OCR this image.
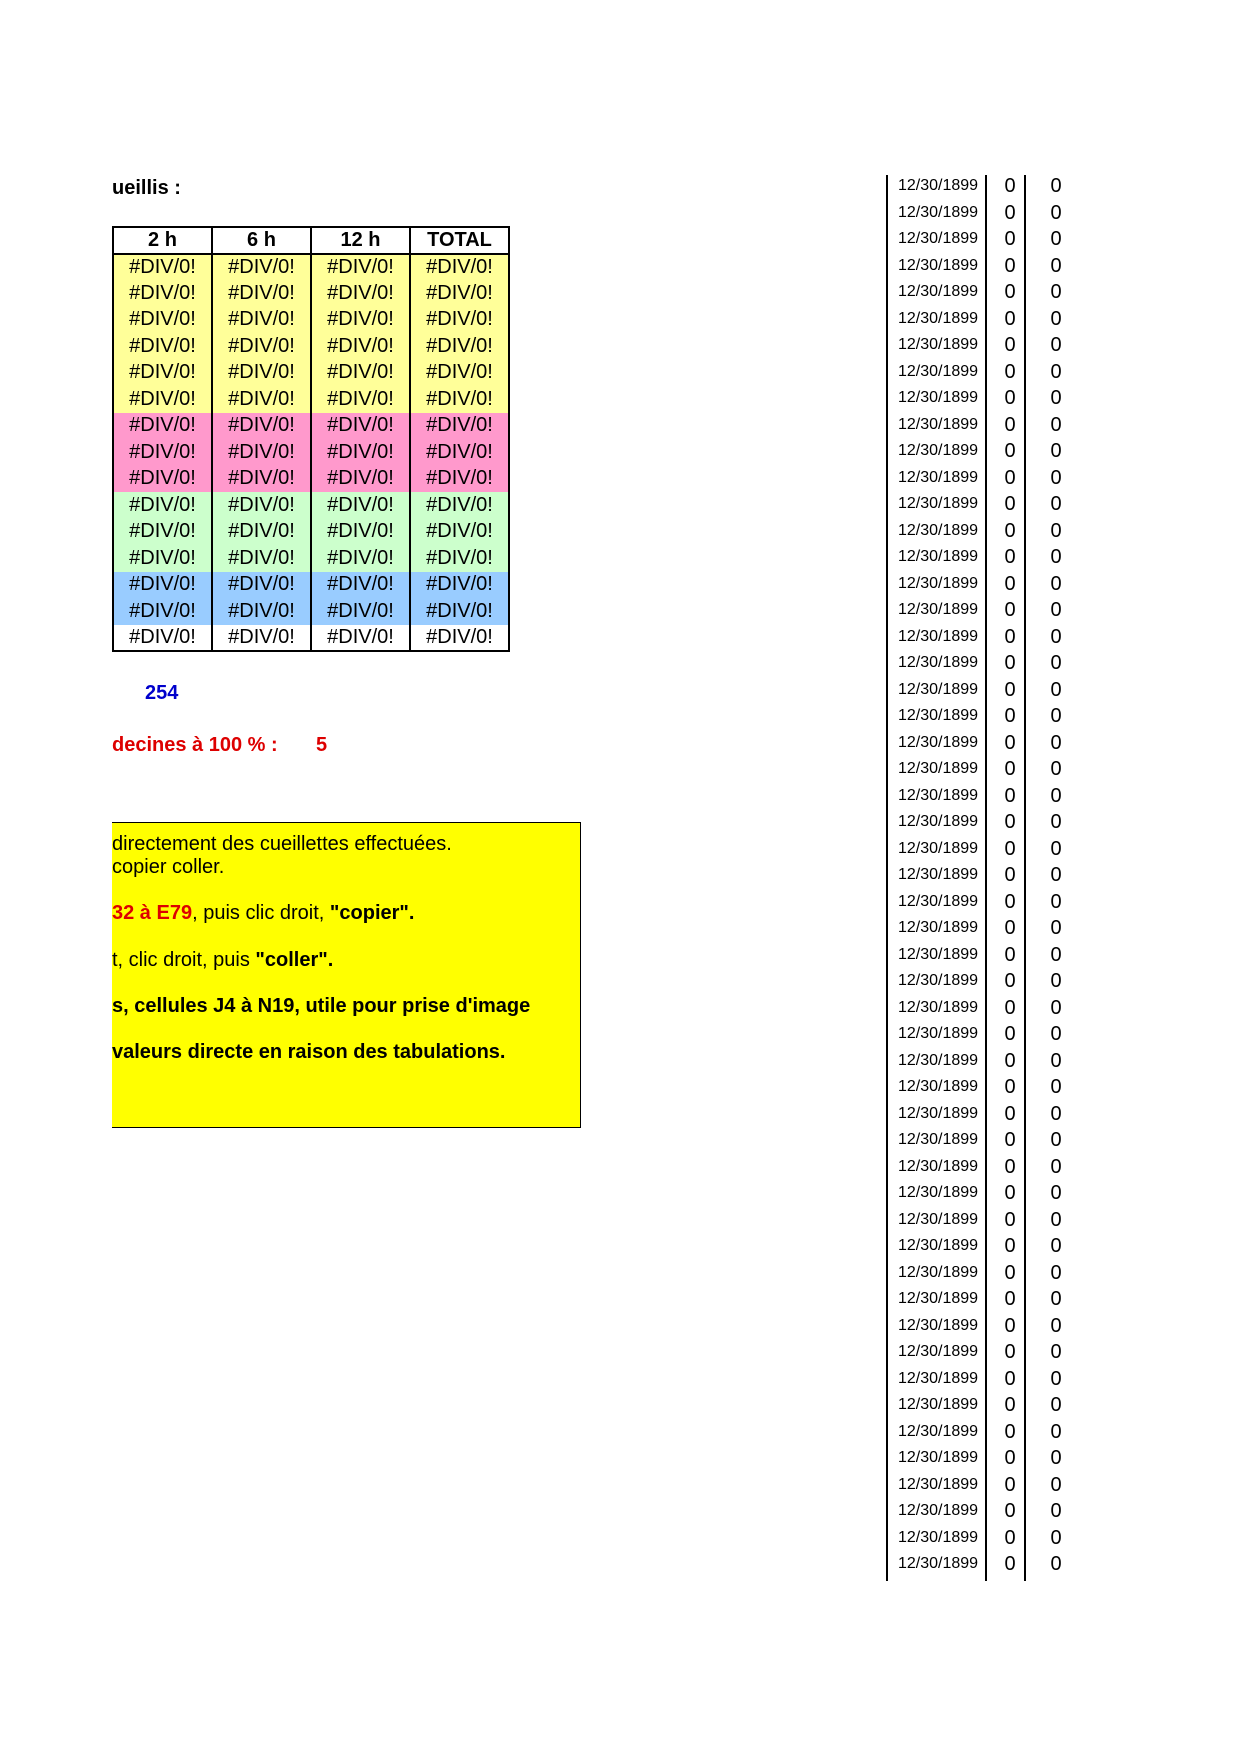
ueillis :
2 h	6 h	12 h	TOTAL
#DIV/0!	#DIV/0!	#DIV/0!	#DIV/0!
#DIV/0!	#DIV/0!	#DIV/0!	#DIV/0!
#DIV/0!	#DIV/0!	#DIV/0!	#DIV/0!
#DIV/0!	#DIV/0!	#DIV/0!	#DIV/0!
#DIV/0!	#DIV/0!	#DIV/0!	#DIV/0!
#DIV/0!	#DIV/0!	#DIV/0!	#DIV/0!
#DIV/0!	#DIV/0!	#DIV/0!	#DIV/0!
#DIV/0!	#DIV/0!	#DIV/0!	#DIV/0!
#DIV/0!	#DIV/0!	#DIV/0!	#DIV/0!
#DIV/0!	#DIV/0!	#DIV/0!	#DIV/0!
#DIV/0!	#DIV/0!	#DIV/0!	#DIV/0!
#DIV/0!	#DIV/0!	#DIV/0!	#DIV/0!
#DIV/0!	#DIV/0!	#DIV/0!	#DIV/0!
#DIV/0!	#DIV/0!	#DIV/0!	#DIV/0!
#DIV/0!	#DIV/0!	#DIV/0!	#DIV/0!
254
decines à 100 % : 5
directement des cueillettes effectuées.
copier coller.
32 à E79, puis clic droit, "copier".
t, clic droit, puis "coller".
s, cellules J4 à N19, utile pour prise d'image
valeurs directe en raison des tabulations.
12/30/1899	0 0
12/30/1899	0 0
12/30/1899	0 0
12/30/1899	0 0
12/30/1899	0 0
12/30/1899	0 0
12/30/1899	0 0
12/30/1899	0 0
12/30/1899	0 0
12/30/1899	0 0
12/30/1899	0 0
12/30/1899	0 0
12/30/1899	0 0
12/30/1899	0 0
12/30/1899	0 0
12/30/1899	0 0
12/30/1899	0 0
12/30/1899	0 0
12/30/1899	0 0
12/30/1899	0 0
12/30/1899	0 0
12/30/1899	0 0
12/30/1899	0 0
12/30/1899	0 0
12/30/1899	0 0
12/30/1899	0 0
12/30/1899	0 0
12/30/1899	0 0
12/30/1899	0 0
12/30/1899	0 0
12/30/1899	0 0
12/30/1899	0 0
12/30/1899	0 0
12/30/1899	0 0
12/30/1899	0 0
12/30/1899	0 0
12/30/1899	0 0
12/30/1899	0 0
12/30/1899	0 0
12/30/1899	0 0
12/30/1899	0 0
12/30/1899	0 0
12/30/1899	0 0
12/30/1899	0 0
12/30/1899	0 0
12/30/1899	0 0
12/30/1899	0 0
12/30/1899	0 0
12/30/1899	0 0
12/30/1899	0 0
12/30/1899	0 0
12/30/1899	0 0
12/30/1899	0 0
